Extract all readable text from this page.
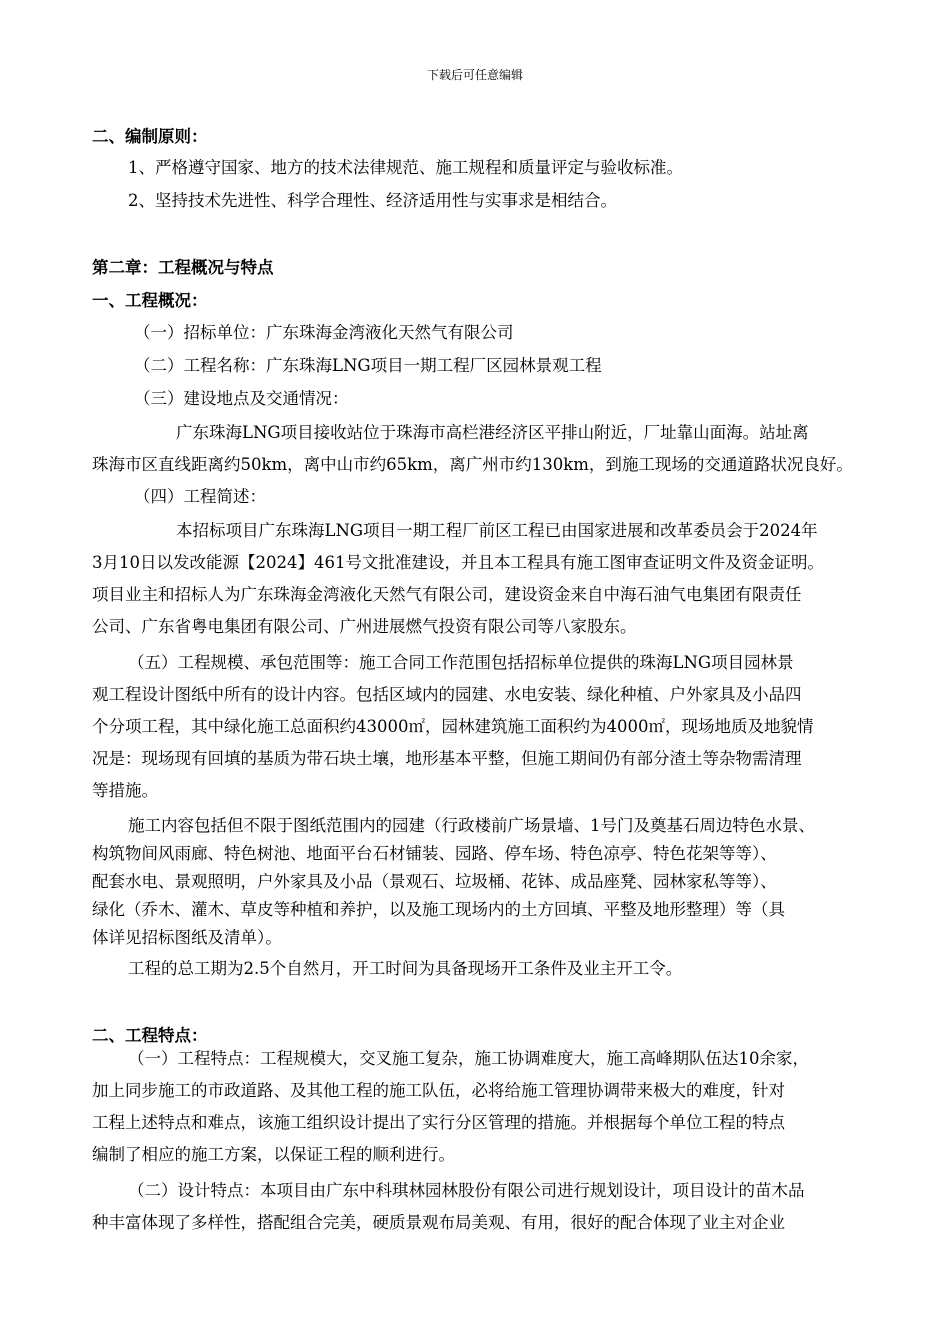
下载后可任意编辑
二、编制原则：
1、严格遵守国家、地方的技术法律规范、施工规程和质量评定与验收标准。
2、坚持技术先进性、科学合理性、经济适用性与实事求是相结合。
第二章：工程概况与特点
一、工程概况：
（一）招标单位：广东珠海金湾液化天然气有限公司
（二）工程名称：广东珠海LNG项目一期工程厂区园林景观工程
（三）建设地点及交通情况：
广东珠海LNG项目接收站位于珠海市高栏港经济区平排山附近，厂址靠山面海。站址离
珠海市区直线距离约50km，离中山市约65km，离广州市约130km，到施工现场的交通道路状况良好。
（四）工程简述：
本招标项目广东珠海LNG项目一期工程厂前区工程已由国家进展和改革委员会于2024年
3月10日以发改能源【2024】461号文批准建设，并且本工程具有施工图审查证明文件及资金证明。
项目业主和招标人为广东珠海金湾液化天然气有限公司，建设资金来自中海石油气电集团有限责任
公司、广东省粤电集团有限公司、广州进展燃气投资有限公司等八家股东。
（五）工程规模、承包范围等：施工合同工作范围包括招标单位提供的珠海LNG项目园林景
观工程设计图纸中所有的设计内容。包括区域内的园建、水电安装、绿化种植、户外家具及小品四
个分项工程，其中绿化施工总面积约43000㎡，园林建筑施工面积约为4000㎡，现场地质及地貌情
况是：现场现有回填的基质为带石块土壤，地形基本平整，但施工期间仍有部分渣土等杂物需清理
等措施。
施工内容包括但不限于图纸范围内的园建（行政楼前广场景墙、1号门及奠基石周边特色水景、
构筑物间风雨廊、特色树池、地面平台石材铺装、园路、停车场、特色凉亭、特色花架等等）、
配套水电、景观照明，户外家具及小品（景观石、垃圾桶、花钵、成品座凳、园林家私等等）、
绿化（乔木、灌木、草皮等种植和养护，以及施工现场内的土方回填、平整及地形整理）等（具
体详见招标图纸及清单）。
工程的总工期为2.5个自然月，开工时间为具备现场开工条件及业主开工令。
二、工程特点：
（一）工程特点：工程规模大，交叉施工复杂，施工协调难度大，施工高峰期队伍达10余家，
加上同步施工的市政道路、及其他工程的施工队伍，必将给施工管理协调带来极大的难度，针对
工程上述特点和难点，该施工组织设计提出了实行分区管理的措施。并根据每个单位工程的特点
编制了相应的施工方案，以保证工程的顺利进行。
（二）设计特点：本项目由广东中科琪林园林股份有限公司进行规划设计，项目设计的苗木品
种丰富体现了多样性，搭配组合完美，硬质景观布局美观、有用，很好的配合体现了业主对企业
